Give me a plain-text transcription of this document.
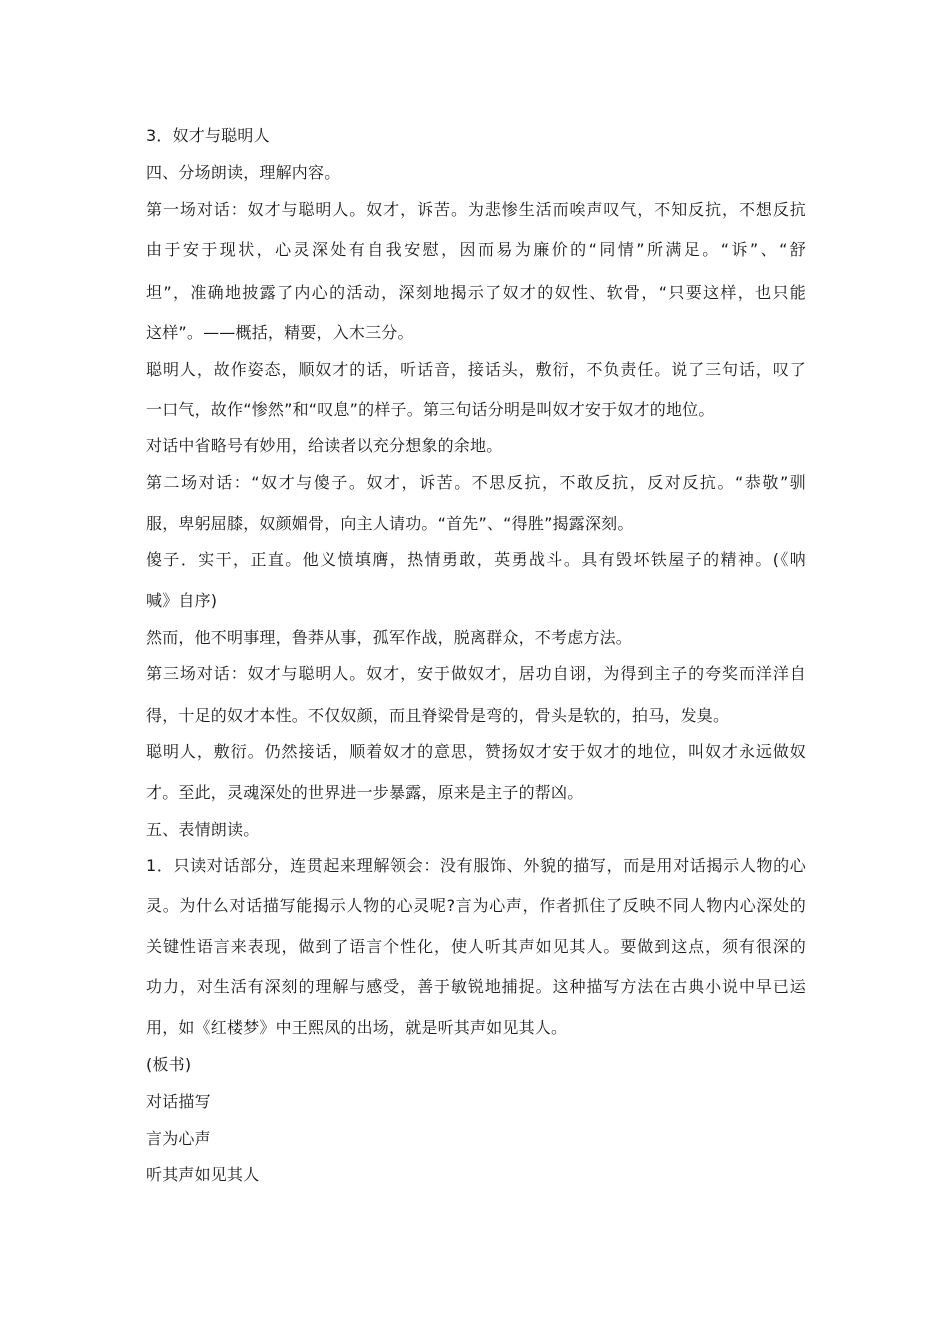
3．奴才与聪明人
四、分场朗读，理解内容。
第一场对话：奴才与聪明人。奴才，诉苦。为悲惨生活而唉声叹气，不知反抗，不想反抗
由于安于现状，心灵深处有自我安慰，因而易为廉价的“同情”所满足。“诉”、“舒
坦”，准确地披露了内心的活动，深刻地揭示了奴才的奴性、软骨，“只要这样，也只能
这样”。——概括，精要，入木三分。
聪明人，故作姿态，顺奴才的话，听话音，接话头，敷衍，不负责任。说了三句话，叹了
一口气，故作“惨然”和“叹息”的样子。第三句话分明是叫奴才安于奴才的地位。
对话中省略号有妙用，给读者以充分想象的余地。
第二场对话：“奴才与傻子。奴才，诉苦。不思反抗，不敢反抗，反对反抗。“恭敬”驯
服，卑躬屈膝，奴颜媚骨，向主人请功。“首先”、“得胜”揭露深刻。
傻子．实干，正直。他义愤填膺，热情勇敢，英勇战斗。具有毁坏铁屋子的精神。(《呐
喊》自序)
然而，他不明事理，鲁莽从事，孤军作战，脱离群众，不考虑方法。
第三场对话：奴才与聪明人。奴才，安于做奴才，居功自诩，为得到主子的夸奖而洋洋自
得，十足的奴才本性。不仅奴颜，而且脊梁骨是弯的，骨头是软的，拍马，发臭。
聪明人，敷衍。仍然接话，顺着奴才的意思，赞扬奴才安于奴才的地位，叫奴才永远做奴
才。至此，灵魂深处的世界进一步暴露，原来是主子的帮凶。
五、表情朗读。
1．只读对话部分，连贯起来理解领会：没有服饰、外貌的描写，而是用对话揭示人物的心
灵。为什么对话描写能揭示人物的心灵呢?言为心声，作者抓住了反映不同人物内心深处的
关键性语言来表现，做到了语言个性化，使人听其声如见其人。要做到这点，须有很深的
功力，对生活有深刻的理解与感受，善于敏锐地捕捉。这种描写方法在古典小说中早已运
用，如《红楼梦》中王熙凤的出场，就是听其声如见其人。
(板书)
对话描写
言为心声
听其声如见其人
